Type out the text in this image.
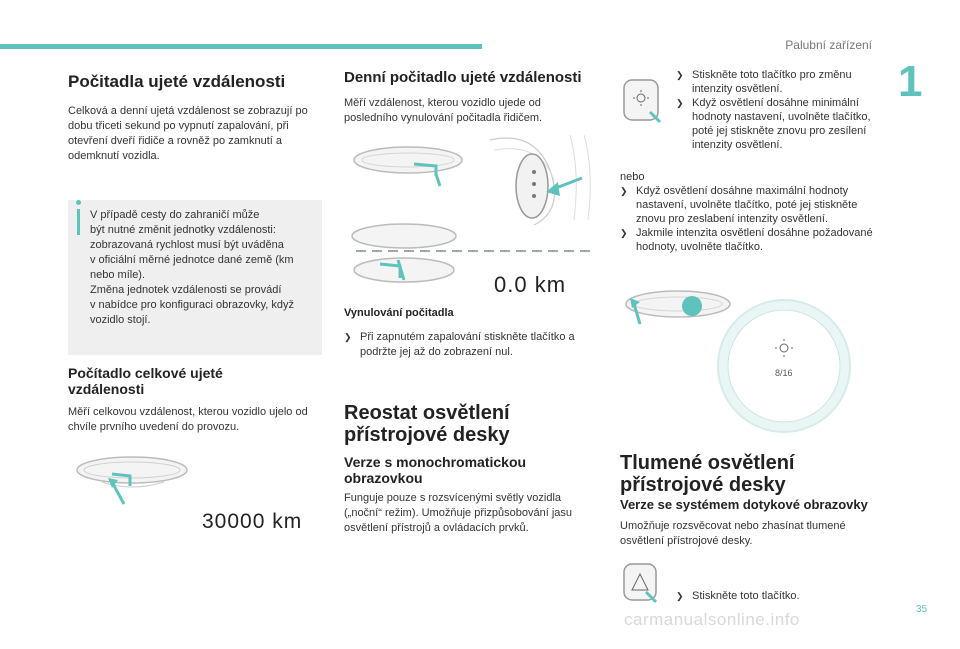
Palubní zařízení
1
Počitadla ujeté vzdálenosti
Celková a denní ujetá vzdálenost se zobrazují po dobu třiceti sekund po vypnutí zapalování, při otevření dveří řidiče a rovněž po zamknutí a odemknutí vozidla.
V případě cesty do zahraničí může
být nutné změnit jednotky vzdálenosti:
zobrazovaná rychlost musí být uváděna
v oficiální měrné jednotce dané země (km
nebo míle).
Změna jednotek vzdálenosti se provádí
v nabídce pro konfiguraci obrazovky, když
vozidlo stojí.
Počítadlo celkové ujeté
vzdálenosti
Měří celkovou vzdálenost, kterou vozidlo ujelo od chvíle prvního uvedení do provozu.
30000 km
Denní počitadlo ujeté vzdálenosti
Měří vzdálenost, kterou vozidlo ujede od posledního vynulování počitadla řidičem.
0.0 km
Vynulování počitadla
❯ Při zapnutém zapalování stiskněte tlačítko a podržte jej až do zobrazení nul.
Reostat osvětlení
přístrojové desky
Verze s monochromatickou
obrazovkou
Funguje pouze s rozsvícenými světly vozidla („noční“ režim). Umožňuje přizpůsobování jasu osvětlení přístrojů a ovládacích prvků.
❯ Stiskněte toto tlačítko pro změnu intenzity osvětlení.
❯ Když osvětlení dosáhne minimální hodnoty nastavení, uvolněte tlačítko, poté jej stiskněte znovu pro zesílení intenzity osvětlení.
nebo
❯ Když osvětlení dosáhne maximální hodnoty nastavení, uvolněte tlačítko, poté jej stiskněte znovu pro zeslabení intenzity osvětlení.
❯ Jakmile intenzita osvětlení dosáhne požadované hodnoty, uvolněte tlačítko.
8/16
Tlumené osvětlení
přístrojové desky
Verze se systémem dotykové obrazovky
Umožňuje rozsvěcovat nebo zhasínat tlumené osvětlení přístrojové desky.
❯ Stiskněte toto tlačítko.
35
carmanualsonline.info
